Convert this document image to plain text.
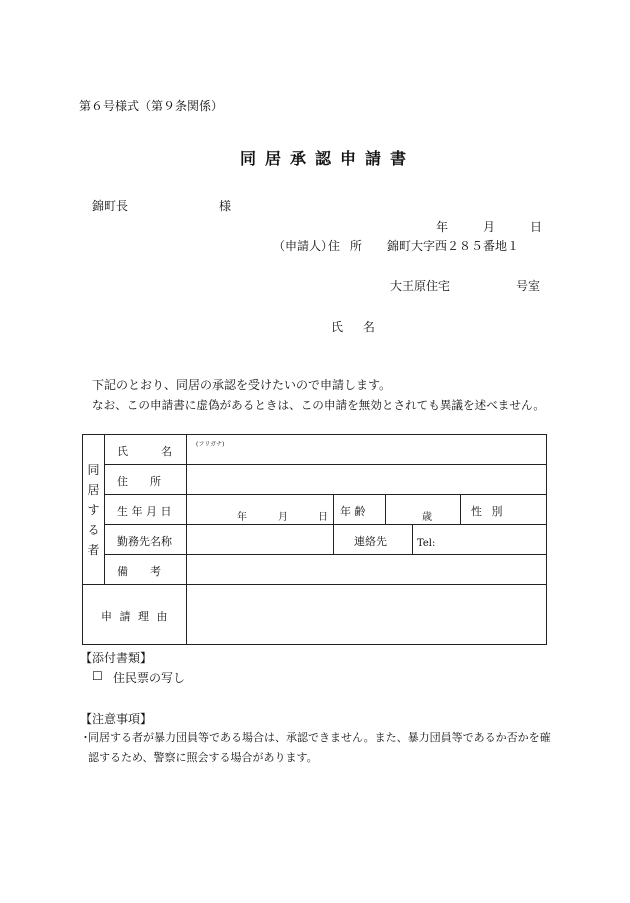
第６号様式（第９条関係）
同居承認申請書
錦町長	様
年	月	日
（申請人）
住 所 錦町大字西２８５番地１
大王原住宅	号室
氏 名
下記のとおり、同居の承認を受けたいので申請します。
なお、この申請書に虚偽があるときは、この申請を無効とされても異議を述べません。
同
居
す
る
者	氏　　　名	(フリガナ)				

	住　　所					

	生 年 月 日	年 月 日	年 齢	歳		性 別

	勤務先名称		連絡先		Tel:	

	備　　考					

申 請 理 由						

【添付書類】
☐ 住民票の写し
【注意事項】
・
同居する者が暴力団員等である場合は、承認できません。また、暴力団員等であるか否かを確
認するため、警察に照会する場合があります。
